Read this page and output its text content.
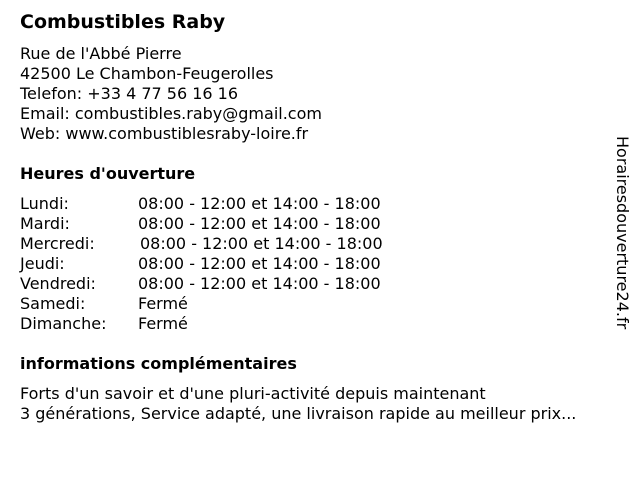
Combustibles Raby
Rue de l'Abbé Pierre
42500 Le Chambon-Feugerolles
Telefon: +33 4 77 56 16 16
Email: combustibles.raby@gmail.com
Web: www.combustiblesraby-loire.fr
Heures d'ouverture
Lundi:	08:00 - 12:00 et 14:00 - 18:00
Mardi:	08:00 - 12:00 et 14:00 - 18:00
Mercredi:	08:00 - 12:00 et 14:00 - 18:00
Jeudi:	08:00 - 12:00 et 14:00 - 18:00
Vendredi:	08:00 - 12:00 et 14:00 - 18:00
Samedi:	Fermé
Dimanche: Fermé
informations complémentaires
Forts d'un savoir et d'une pluri-activité depuis maintenant
3 générations, Service adapté, une livraison rapide au meilleur prix...
Horairesdouverture24.fr
